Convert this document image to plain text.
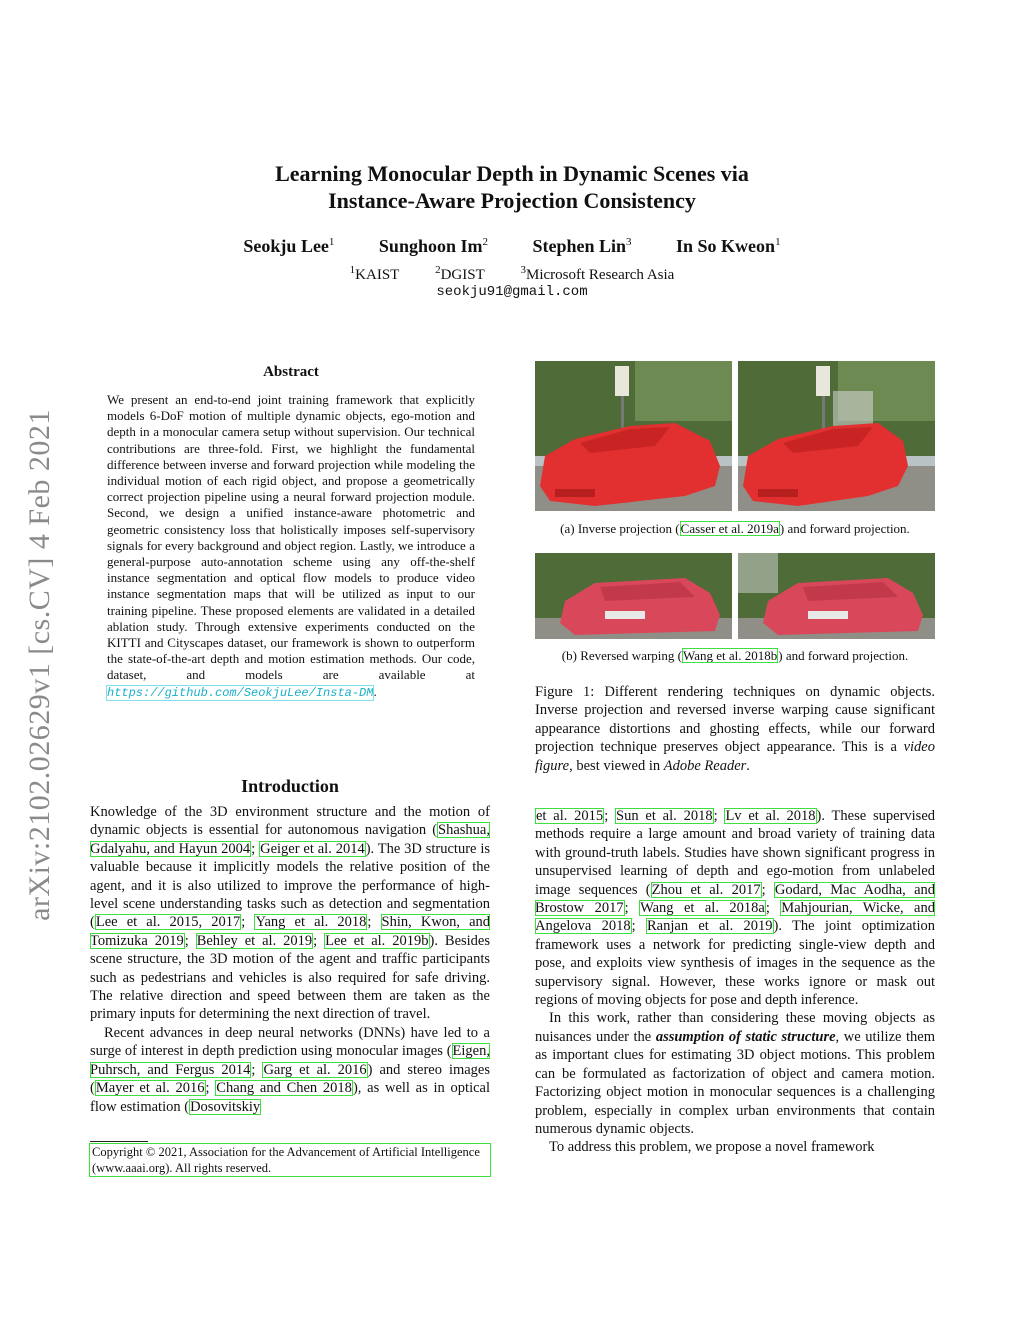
arXiv:2102.02629v1 [cs.CV] 4 Feb 2021
Learning Monocular Depth in Dynamic Scenes via
Instance-Aware Projection Consistency
Seokju Lee$^1$ Sunghoon Im$^2$ Stephen Lin$^3$ In So Kweon$^1$
$^1$KAIST	$^2$DGIST	$^3$Microsoft Research Asia
seokju91@gmail.com
Abstract
We present an end-to-end joint training framework that explicitly models 6-DoF motion of multiple dynamic objects, ego-motion and depth in a monocular camera setup without supervision. Our technical contributions are three-fold. First, we highlight the fundamental difference between inverse and forward projection while modeling the individual motion of each rigid object, and propose a geometrically correct projection pipeline using a neural forward projection module. Second, we design a unified instance-aware photometric and geometric consistency loss that holistically imposes self-supervisory signals for every background and object region. Lastly, we introduce a general-purpose auto-annotation scheme using any off-the-shelf instance segmentation and optical flow models to produce video instance segmentation maps that will be utilized as input to our training pipeline. These proposed elements are validated in a detailed ablation study. Through extensive experiments conducted on the KITTI and Cityscapes dataset, our framework is shown to outperform the state-of-the-art depth and motion estimation methods. Our code, dataset, and models are available at https://github.com/SeokjuLee/Insta-DM.
Introduction

Knowledge of the 3D environment structure and the motion of dynamic objects is essential for autonomous navigation (Shashua, Gdalyahu, and Hayun 2004; Geiger et al. 2014). The 3D structure is valuable because it implicitly models the relative position of the agent, and it is also utilized to improve the performance of high-level scene understanding tasks such as detection and segmentation (Lee et al. 2015, 2017; Yang et al. 2018; Shin, Kwon, and Tomizuka 2019; Behley et al. 2019; Lee et al. 2019b). Besides scene structure, the 3D motion of the agent and traffic participants such as pedestrians and vehicles is also required for safe driving. The relative direction and speed between them are taken as the primary inputs for determining the next direction of travel.

Recent advances in deep neural networks (DNNs) have led to a surge of interest in depth prediction using monocular images (Eigen, Puhrsch, and Fergus 2014; Garg et al. 2016) and stereo images (Mayer et al. 2016; Chang and Chen 2018), as well as in optical flow estimation (Dosovitskiy

Copyright © 2021, Association for the Advancement of Artificial Intelligence (www.aaai.org). All rights reserved.
(a) Inverse projection (Casser et al. 2019a) and forward projection.
(b) Reversed warping (Wang et al. 2018b) and forward projection.
Figure 1: Different rendering techniques on dynamic objects. Inverse projection and reversed inverse warping cause significant appearance distortions and ghosting effects, while our forward projection technique preserves object appearance. This is a video figure, best viewed in Adobe Reader.

et al. 2015; Sun et al. 2018; Lv et al. 2018). These supervised methods require a large amount and broad variety of training data with ground-truth labels. Studies have shown significant progress in unsupervised learning of depth and ego-motion from unlabeled image sequences (Zhou et al. 2017; Godard, Mac Aodha, and Brostow 2017; Wang et al. 2018a; Mahjourian, Wicke, and Angelova 2018; Ranjan et al. 2019). The joint optimization framework uses a network for predicting single-view depth and pose, and exploits view synthesis of images in the sequence as the supervisory signal. However, these works ignore or mask out regions of moving objects for pose and depth inference.

In this work, rather than considering these moving objects as nuisances under the assumption of static structure, we utilize them as important clues for estimating 3D object motions. This problem can be formulated as factorization of object and camera motion. Factorizing object motion in monocular sequences is a challenging problem, especially in complex urban environments that contain numerous dynamic objects.

To address this problem, we propose a novel framework
